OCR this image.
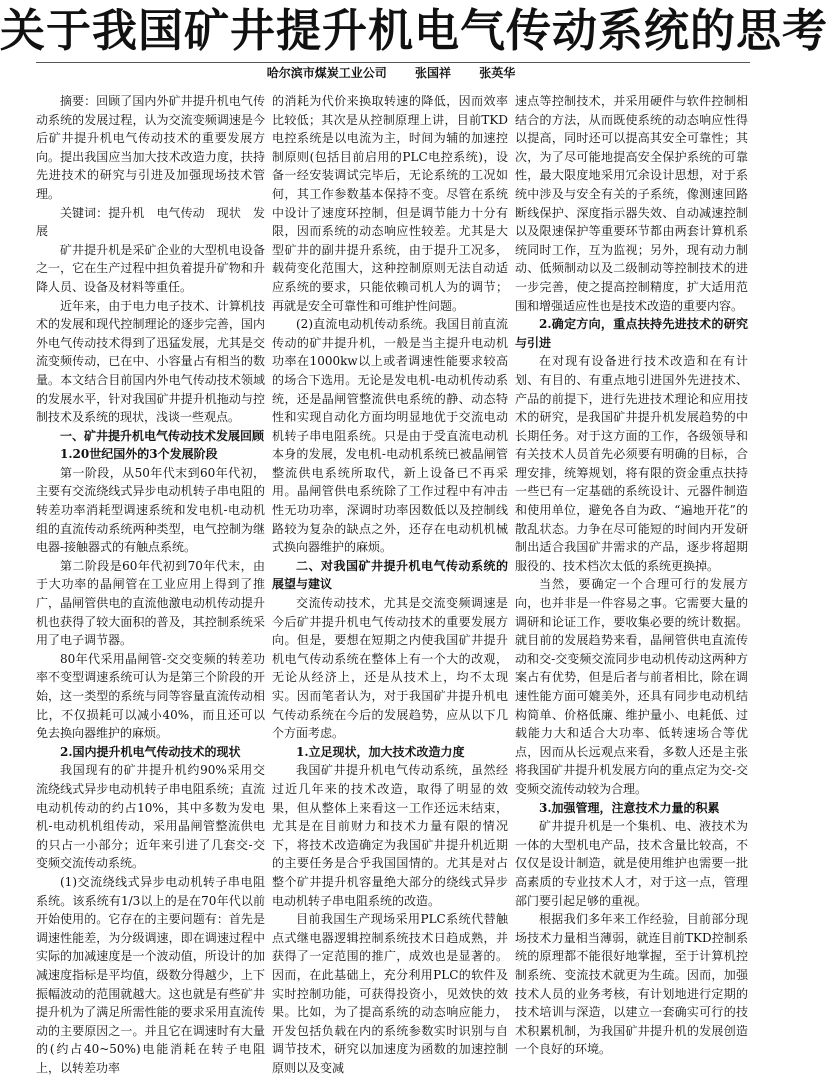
关于我国矿井提升机电气传动系统的思考
哈尔滨市煤炭工业公司 张国祥 张英华

摘要：回顾了国内外矿井提升机电气传动系统的发展过程，认为交流变频调速是今后矿井提升机电气传动技术的重要发展方向。提出我国应当加大技术改造力度，扶持先进技术的研究与引进及加强现场技术管理。

关键词：提升机　电气传动　现状　发展

矿井提升机是采矿企业的大型机电设备之一，它在生产过程中担负着提升矿物和升降人员、设备及材料等重任。

近年来，由于电力电子技术、计算机技术的发展和现代控制理论的逐步完善，国内外电气传动技术得到了迅猛发展，尤其是交流变频传动，已在中、小容量占有相当的数量。本文结合目前国内外电气传动技术领域的发展水平，针对我国矿井提升机拖动与控制技术及系统的现状，浅谈一些观点。

一、矿井提升机电气传动技术发展回顾

1.20世纪国外的3个发展阶段

第一阶段，从50年代末到60年代初，主要有交流绕线式异步电动机转子串电阻的转差功率消耗型调速系统和发电机-电动机组的直流传动系统两种类型，电气控制为继电器-接触器式的有触点系统。

第二阶段是60年代初到70年代末，由于大功率的晶闸管在工业应用上得到了推广，晶闸管供电的直流他激电动机传动提升机也获得了较大面积的普及，其控制系统采用了电子调节器。

80年代采用晶闸管-交交变频的转差功率不变型调速系统可认为是第三个阶段的开始，这一类型的系统与同等容量直流传动相比，不仅损耗可以减小40%，而且还可以免去换向器维护的麻烦。

2.国内提升机电气传动技术的现状

我国现有的矿井提升机约90%采用交流绕线式异步电动机转子串电阻系统；直流电动机传动的约占10%，其中多数为发电机-电动机机组传动，采用晶闸管整流供电的只占一小部分；近年来引进了几套交-交变频交流传动系统。

(1)交流绕线式异步电动机转子串电阻系统。该系统有1/3以上的是在70年代以前开始使用的。它存在的主要问题有：首先是调速性能差，为分级调速，即在调速过程中实际的加减速度是一个波动值，所设计的加减速度指标是平均值，级数分得越少，上下振幅波动的范围就越大。这也就是有些矿井提升机为了满足所需性能的要求采用直流传动的主要原因之一。并且它在调速时有大量的(约占40~50%)电能消耗在转子电阻上，以转差功率

的消耗为代价来换取转速的降低，因而效率比较低；其次是从控制原理上讲，目前TKD电控系统是以电流为主，时间为辅的加速控制原则(包括目前启用的PLC电控系统)，设备一经安装调试完毕后，无论系统的工况如何，其工作参数基本保持不变。尽管在系统中设计了速度环控制，但是调节能力十分有限，因而系统的动态响应性较差。尤其是大型矿井的副井提升系统，由于提升工况多，载荷变化范围大，这种控制原则无法自动适应系统的要求，只能依赖司机人为的调节；再就是安全可靠性和可维护性问题。

(2)直流电动机传动系统。我国目前直流传动的矿井提升机，一般是当主提升电动机功率在1000kw以上或者调速性能要求较高的场合下选用。无论是发电机-电动机传动系统，还是晶闸管整流供电系统的静、动态特性和实现自动化方面均明显地优于交流电动机转子串电阻系统。只是由于受直流电动机本身的发展，发电机-电动机系统已被晶闸管整流供电系统所取代，新上设备已不再采用。晶闸管供电系统除了工作过程中有冲击性无功功率，深调时功率因数低以及控制线路较为复杂的缺点之外，还存在电动机机械式换向器维护的麻烦。

二、对我国矿井提升机电气传动系统的展望与建议

交流传动技术，尤其是交流变频调速是今后矿井提升机电气传动技术的重要发展方向。但是，要想在短期之内使我国矿井提升机电气传动系统在整体上有一个大的改观，无论从经济上，还是从技术上，均不太现实。因而笔者认为，对于我国矿井提升机电气传动系统在今后的发展趋势，应从以下几个方面考虑。

1.立足现状，加大技术改造力度

我国矿井提升机电气传动系统，虽然经过近几年来的技术改造，取得了明显的效果，但从整体上来看这一工作还远未结束，尤其是在目前财力和技术力量有限的情况下，将技术改造确定为我国矿井提升机近期的主要任务是合乎我国国情的。尤其是对占整个矿井提升机容量绝大部分的绕线式异步电动机转子串电阻系统的改造。

目前我国生产现场采用PLC系统代替触点式继电器逻辑控制系统技术日趋成熟，并获得了一定范围的推广，成效也是显著的。因而，在此基础上，充分利用PLC的软件及实时控制功能，可获得投资小，见效快的效果。比如，为了提高系统的动态响应能力，开发包括负载在内的系统参数实时识别与自调节技术，研究以加速度为函数的加速控制原则以及变减

速点等控制技术，并采用硬件与软件控制相结合的方法，从而既使系统的动态响应性得以提高，同时还可以提高其安全可靠性；其次，为了尽可能地提高安全保护系统的可靠性，最大限度地采用冗余设计思想，对于系统中涉及与安全有关的子系统，像测速回路断线保护、深度指示器失效、自动减速控制以及限速保护等重要环节都由两套计算机系统同时工作，互为监视；另外，现有动力制动、低频制动以及二级制动等控制技术的进一步完善，使之提高控制精度，扩大适用范围和增强适应性也是技术改造的重要内容。

2.确定方向，重点扶持先进技术的研究与引进

在对现有设备进行技术改造和在有计划、有目的、有重点地引进国外先进技术、产品的前提下，进行先进技术理论和应用技术的研究，是我国矿井提升机发展趋势的中长期任务。对于这方面的工作，各级领导和有关技术人员首先必须要有明确的目标，合理安排，统筹规划，将有限的资金重点扶持一些已有一定基础的系统设计、元器件制造和使用单位，避免各自为政、“遍地开花”的散乱状态。力争在尽可能短的时间内开发研制出适合我国矿井需求的产品，逐步将超期服役的、技术档次太低的系统更换掉。

当然，要确定一个合理可行的发展方向，也并非是一件容易之事。它需要大量的调研和论证工作，要收集必要的统计数据。就目前的发展趋势来看，晶闸管供电直流传动和交-交变频交流同步电动机传动这两种方案占有优势，但是后者与前者相比，除在调速性能方面可媲美外，还具有同步电动机结构简单、价格低廉、维护量小、电耗低、过载能力大和适合大功率、低转速场合等优点，因而从长远观点来看，多数人还是主张将我国矿井提升机发展方向的重点定为交-交变频交流传动较为合理。

3.加强管理，注意技术力量的积累

矿井提升机是一个集机、电、液技术为一体的大型机电产品，技术含量比较高，不仅仅是设计制造，就是使用维护也需要一批高素质的专业技术人才，对于这一点，管理部门要引起足够的重视。

根据我们多年来工作经验，目前部分现场技术力量相当薄弱，就连目前TKD控制系统的原理都不能很好地掌握，至于计算机控制系统、变流技术就更为生疏。因而，加强技术人员的业务考核，有计划地进行定期的技术培训与深造，以建立一套确实可行的技术积累机制，为我国矿井提升机的发展创造一个良好的环境。
